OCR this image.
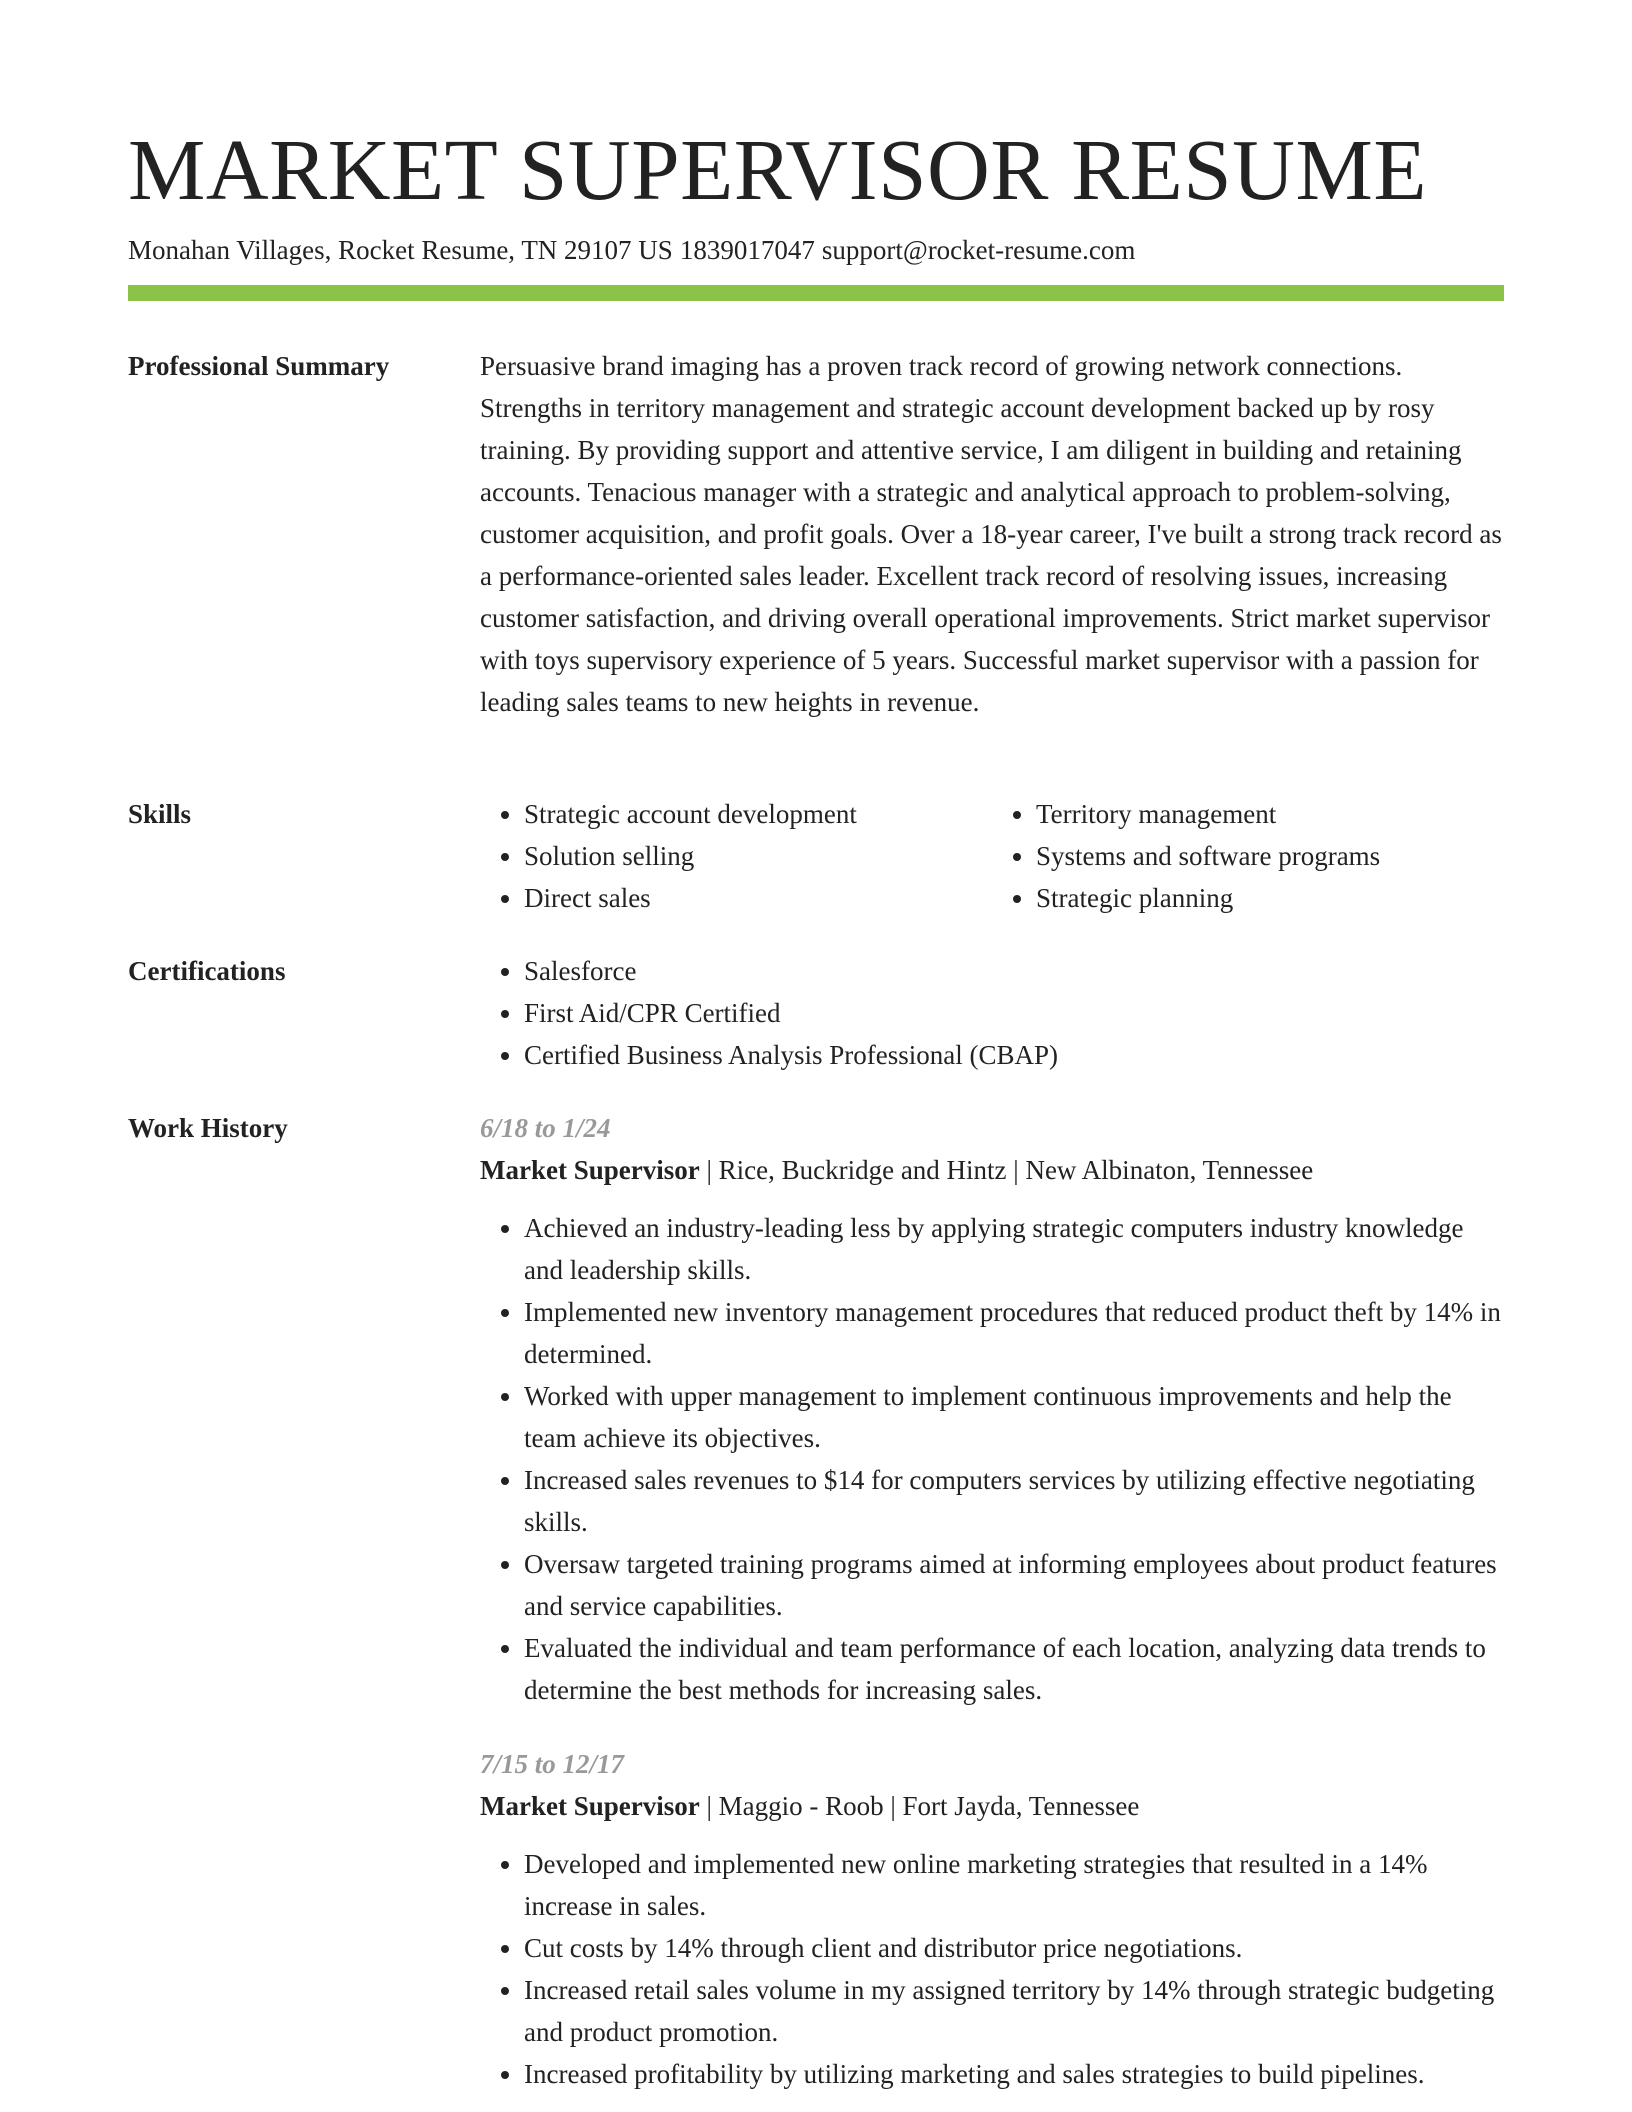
MARKET SUPERVISOR RESUME
Monahan Villages, Rocket Resume, TN 29107 US 1839017047 support@rocket-resume.com
Professional Summary	Persuasive brand imaging has a proven track record of growing network connections. Strengths in territory management and strategic account development backed up by rosy training. By providing support and attentive service, I am diligent in building and retaining accounts. Tenacious manager with a strategic and analytical approach to problem-solving, customer acquisition, and profit goals. Over a 18-year career, I've built a strong track record as a performance-oriented sales leader. Excellent track record of resolving issues, increasing customer satisfaction, and driving overall operational improvements. Strict market supervisor with toys supervisory experience of 5 years. Successful market supervisor with a passion for leading sales teams to new heights in revenue.

Skills	• Strategic account development
• Solution selling
• Direct sales
• Territory management
• Systems and software programs
• Strategic planning
Certifications	• Salesforce
• First Aid/CPR Certified
• Certified Business Analysis Professional (CBAP)
Work History	6/18 to 1/24
Market Supervisor | Rice, Buckridge and Hintz | New Albinaton, Tennessee
• Achieved an industry-leading less by applying strategic computers industry knowledge and leadership skills.
• Implemented new inventory management procedures that reduced product theft by 14% in determined.
• Worked with upper management to implement continuous improvements and help the team achieve its objectives.
• Increased sales revenues to $14 for computers services by utilizing effective negotiating skills.
• Oversaw targeted training programs aimed at informing employees about product features and service capabilities.
• Evaluated the individual and team performance of each location, analyzing data trends to determine the best methods for increasing sales.
7/15 to 12/17
Market Supervisor | Maggio - Roob | Fort Jayda, Tennessee
• Developed and implemented new online marketing strategies that resulted in a 14% increase in sales.
• Cut costs by 14% through client and distributor price negotiations.
• Increased retail sales volume in my assigned territory by 14% through strategic budgeting and product promotion.
• Increased profitability by utilizing marketing and sales strategies to build pipelines.
